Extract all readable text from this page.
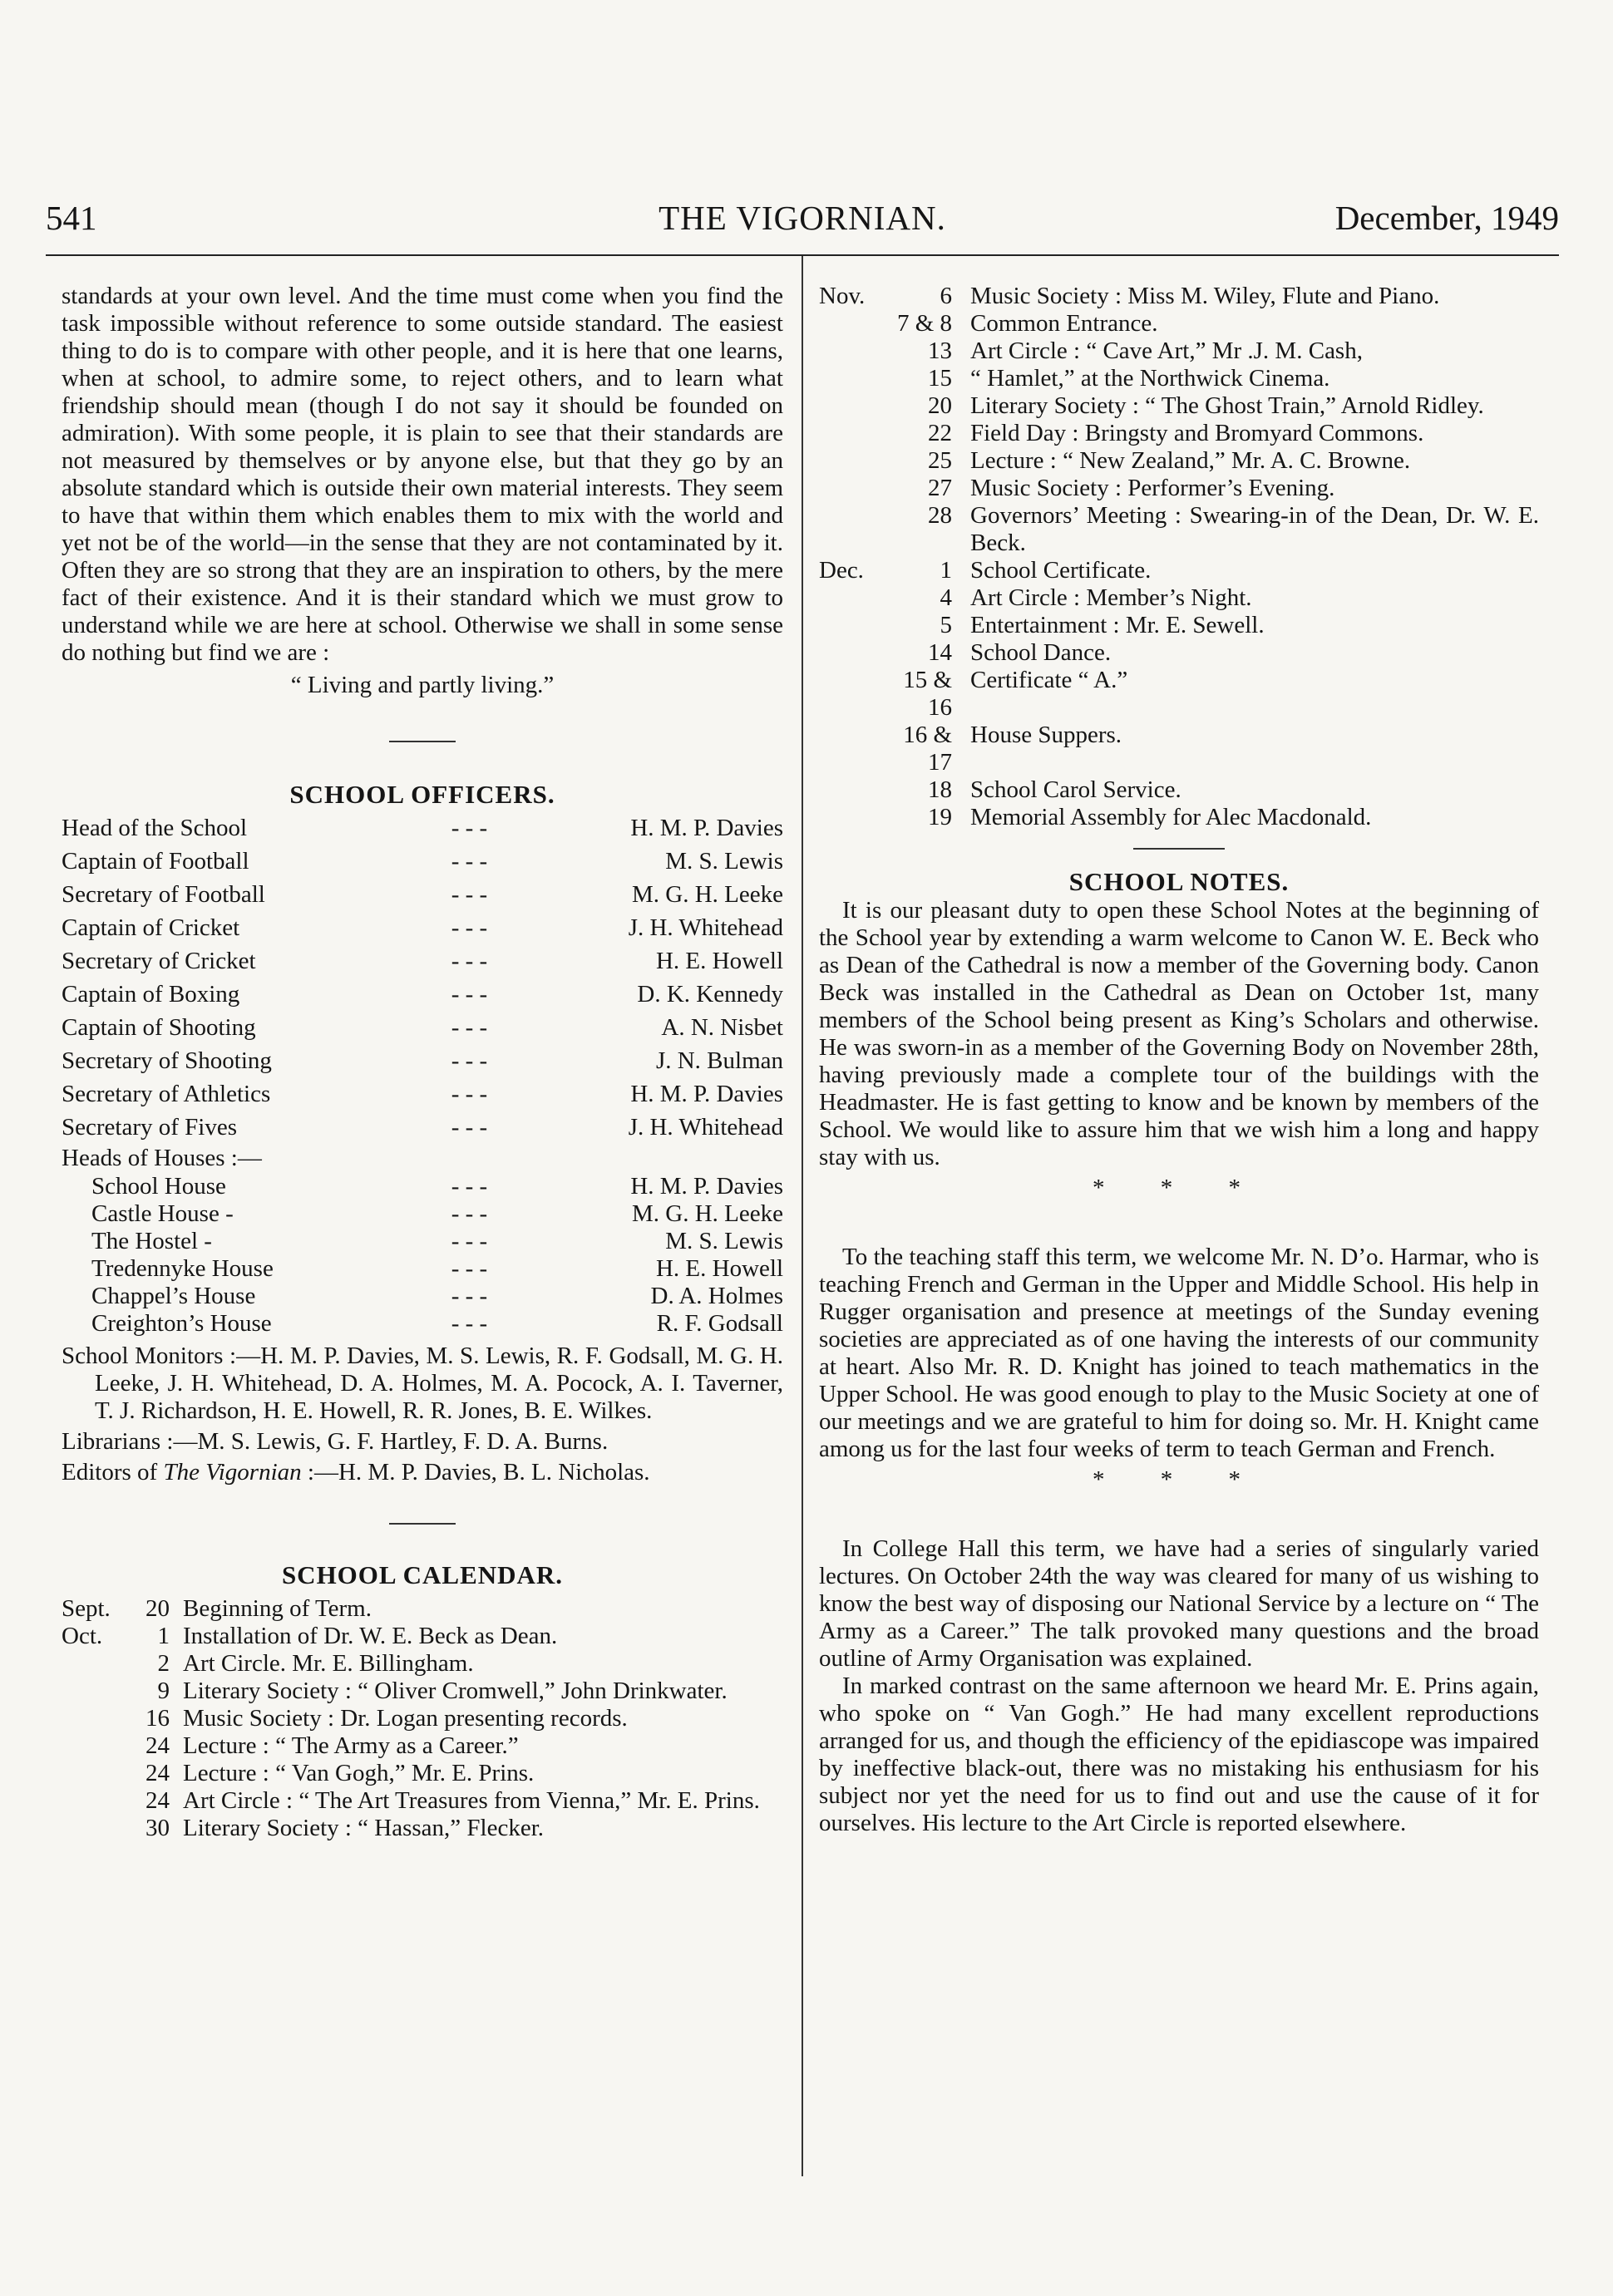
541	THE VIGORNIAN.	December, 1949

standards at your own level. And the time must come when you find the task impossible without reference to some outside standard. The easiest thing to do is to compare with other people, and it is here that one learns, when at school, to admire some, to reject others, and to learn what friendship should mean (though I do not say it should be founded on admiration). With some people, it is plain to see that their standards are not measured by themselves or by anyone else, but that they go by an absolute standard which is outside their own material interests. They seem to have that within them which enables them to mix with the world and yet not be of the world—in the sense that they are not contaminated by it. Often they are so strong that they are an inspiration to others, by the mere fact of their existence. And it is their standard which we must grow to understand while we are here at school. Otherwise we shall in some sense do nothing but find we are :

“ Living and partly living.”

SCHOOL OFFICERS.
Head of the School	- - -	H. M. P. Davies
Captain of Football	- - -	M. S. Lewis
Secretary of Football	- - -	M. G. H. Leeke
Captain of Cricket	- - -	J. H. Whitehead
Secretary of Cricket	- - -	H. E. Howell
Captain of Boxing	- - -	D. K. Kennedy
Captain of Shooting	- - -	A. N. Nisbet
Secretary of Shooting	- - -	J. N. Bulman
Secretary of Athletics	- - -	H. M. P. Davies
Secretary of Fives	- - -	J. H. Whitehead
Heads of Houses :—
School House	- - -	H. M. P. Davies
Castle House -	- - -	M. G. H. Leeke
The Hostel -	- - -	M. S. Lewis
Tredennyke House	- - -	H. E. Howell
Chappel’s House	- - -	D. A. Holmes
Creighton’s House	- - -	R. F. Godsall

School Monitors :—H. M. P. Davies, M. S. Lewis, R. F. Godsall, M. G. H. Leeke, J. H. Whitehead, D. A. Holmes, M. A. Pocock, A. I. Taverner, T. J. Richardson, H. E. Howell, R. R. Jones, B. E. Wilkes.

Librarians :—M. S. Lewis, G. F. Hartley, F. D. A. Burns.

Editors of The Vigornian :—H. M. P. Davies, B. L. Nicholas.

SCHOOL CALENDAR.
Sept.	20	Beginning of Term.
Oct.	1	Installation of Dr. W. E. Beck as Dean.
	2	Art Circle. Mr. E. Billingham.
	9	Literary Society : “ Oliver Cromwell,” John Drinkwater.
	16	Music Society : Dr. Logan presenting records.
	24	Lecture : “ The Army as a Career.”
	24	Lecture : “ Van Gogh,” Mr. E. Prins.
	24	Art Circle : “ The Art Treasures from Vienna,” Mr. E. Prins.
	30	Literary Society : “ Hassan,” Flecker.
Nov.	6	Music Society : Miss M. Wiley, Flute and Piano.
	7 & 8	Common Entrance.
	13	Art Circle : “ Cave Art,” Mr .J. M. Cash,
	15	“ Hamlet,” at the Northwick Cinema.
	20	Literary Society : “ The Ghost Train,” Arnold Ridley.
	22	Field Day : Bringsty and Bromyard Commons.
	25	Lecture : “ New Zealand,” Mr. A. C. Browne.
	27	Music Society : Performer’s Evening.
	28	Governors’ Meeting : Swearing-in of the Dean, Dr. W. E. Beck.
Dec.	1	School Certificate.
	4	Art Circle : Member’s Night.
	5	Entertainment : Mr. E. Sewell.
	14	School Dance.
	15 & 16	Certificate “ A.”
	16 & 17	House Suppers.
	18	School Carol Service.
	19	Memorial Assembly for Alec Macdonald.
SCHOOL NOTES.

It is our pleasant duty to open these School Notes at the beginning of the School year by extending a warm welcome to Canon W. E. Beck who as Dean of the Cathedral is now a member of the Governing body. Canon Beck was installed in the Cathedral as Dean on October 1st, many members of the School being present as King’s Scholars and otherwise. He was sworn-in as a member of the Governing Body on November 28th, having previously made a complete tour of the buildings with the Headmaster. He is fast getting to know and be known by members of the School. We would like to assure him that we wish him a long and happy stay with us.

* * *

To the teaching staff this term, we welcome Mr. N. D’o. Harmar, who is teaching French and German in the Upper and Middle School. His help in Rugger organisation and presence at meetings of the Sunday evening societies are appreciated as of one having the interests of our community at heart. Also Mr. R. D. Knight has joined to teach mathematics in the Upper School. He was good enough to play to the Music Society at one of our meetings and we are grateful to him for doing so. Mr. H. Knight came among us for the last four weeks of term to teach German and French.

* * *

In College Hall this term, we have had a series of singularly varied lectures. On October 24th the way was cleared for many of us wishing to know the best way of disposing our National Service by a lecture on “ The Army as a Career.” The talk provoked many questions and the broad outline of Army Organisation was explained.

In marked contrast on the same afternoon we heard Mr. E. Prins again, who spoke on “ Van Gogh.” He had many excellent reproductions arranged for us, and though the efficiency of the epidiascope was impaired by ineffective black-out, there was no mistaking his enthusiasm for his subject nor yet the need for us to find out and use the cause of it for ourselves. His lecture to the Art Circle is reported elsewhere.
